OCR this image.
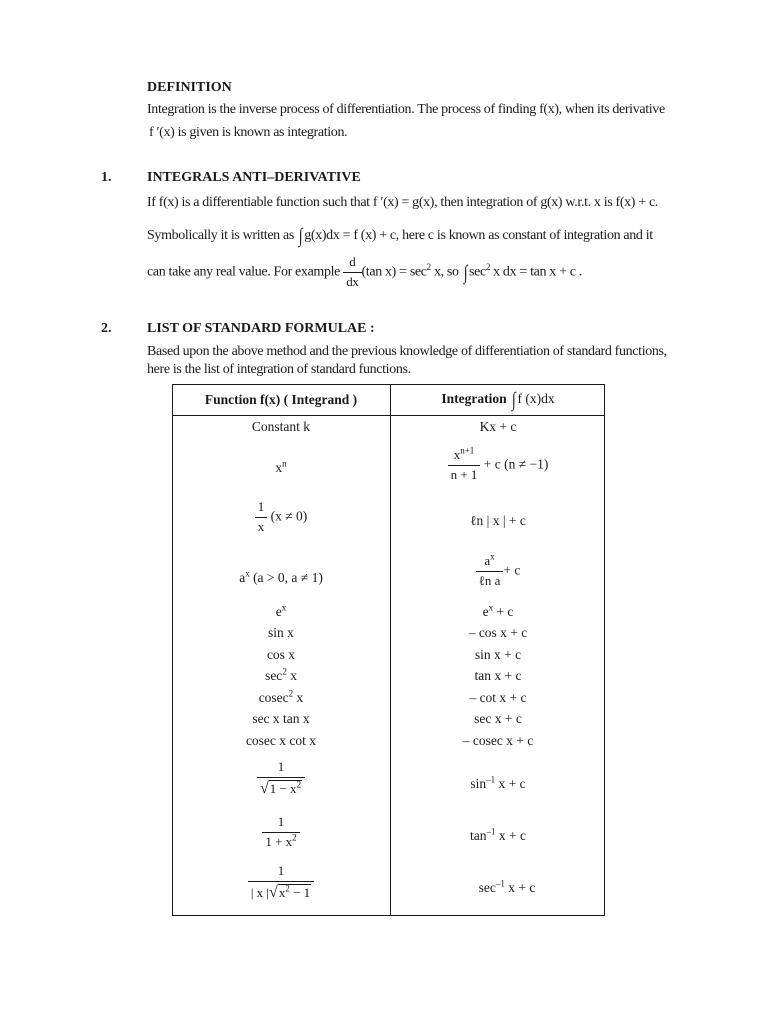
DEFINITION
Integration is the inverse process of differentiation. The process of finding f(x), when its derivative
f ′(x) is given is known as integration.
1.	INTEGRALS ANTI–DERIVATIVE
If f(x) is a differentiable function such that f ′(x) = g(x), then integration of g(x) w.r.t. x is f(x) + c.
Symbolically it is written as ∫ g(x)dx = f (x) + c, here c is known as constant of integration and it
can take any real value. For example $\frac{d}{dx} (\tan$ $x) = \sec^2 x$, so ∫ $\sec^2 x$ dx = tan x + c .
2.	LIST OF STANDARD FORMULAE :
Based upon the above method and the previous knowledge of differentiation of standard functions,
here is the list of integration of standard functions.
Function f(x) ( Integrand )	Integration ∫ f (x)dx
Constant k	Kx + c
$x^n$	$\frac{x^{n+1}}{n + 1} + c$ (n ≠ −1)
$\frac{1}{x} (x \ne 0)$	ℓn | x | + c
$a^x$ (a > 0, a ≠ 1)	$\frac{a^x}{\text{ℓn a}} + c$
$e^x$	$e^x + c$
sin x	– cos x + c
cos x	sin x + c
$\sec^2 x$	tan x + c
cosec$^2$ x	– cot x + c
sec x tan x	sec x + c
cosec x cot x	– cosec x + c
$\frac{1}{√ 1 - x^2}$	$\sin^{-1} x + c$
$\frac{1}{1 + x^2}$	$\tan^{-1} x + c$
$\frac{1}{| x | √ x^2 - 1}$	$\sec^{-1} x + c$
